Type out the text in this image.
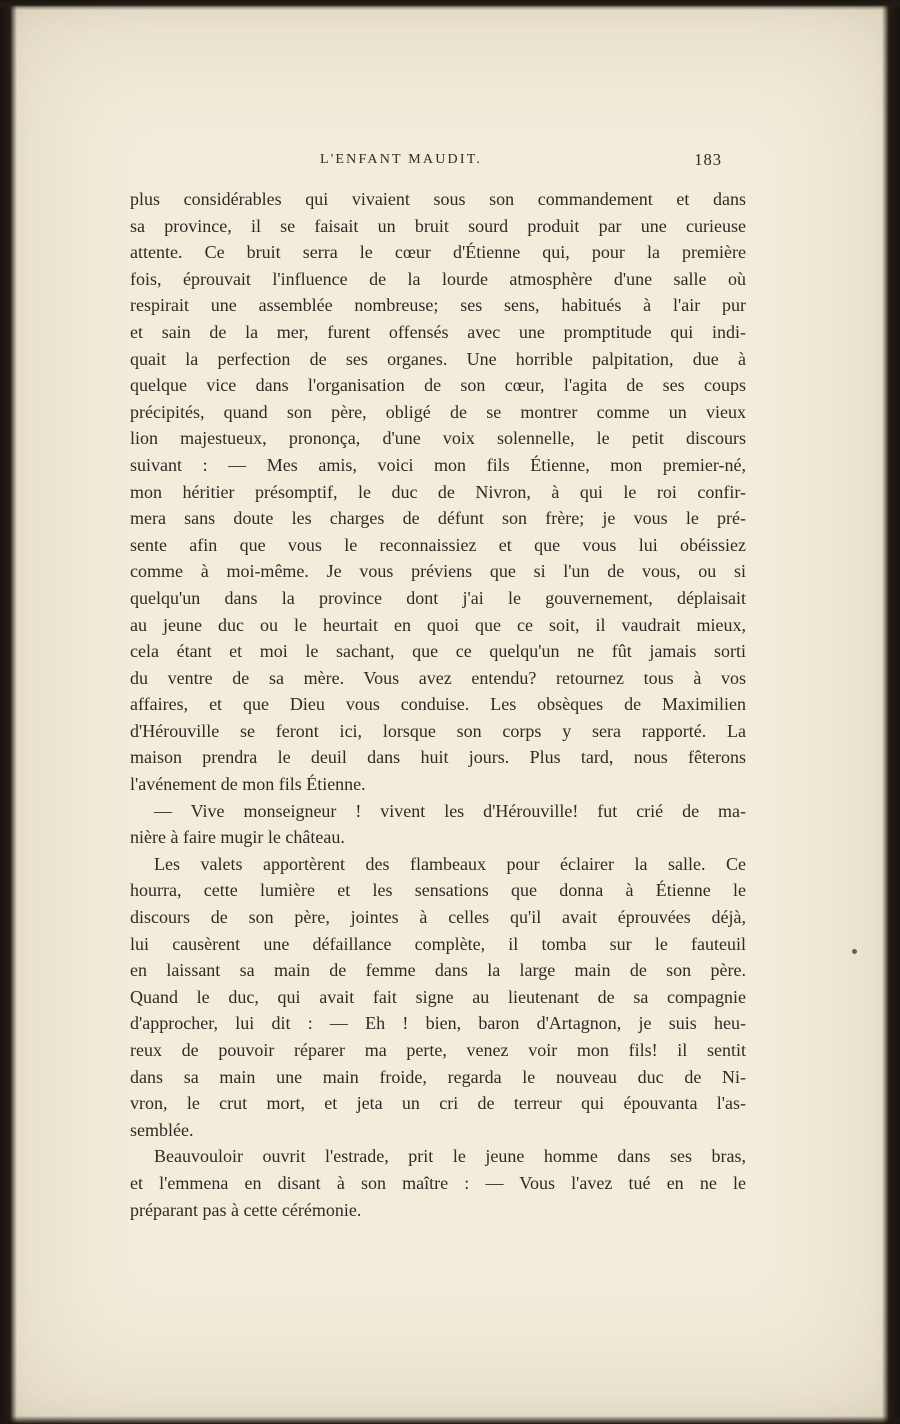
L'ENFANT MAUDIT.	183
plus considérables qui vivaient sous son commandement et dans
sa province, il se faisait un bruit sourd produit par une curieuse
attente. Ce bruit serra le cœur d'Étienne qui, pour la première
fois, éprouvait l'influence de la lourde atmosphère d'une salle où
respirait une assemblée nombreuse; ses sens, habitués à l'air pur
et sain de la mer, furent offensés avec une promptitude qui indi-
quait la perfection de ses organes. Une horrible palpitation, due à
quelque vice dans l'organisation de son cœur, l'agita de ses coups
précipités, quand son père, obligé de se montrer comme un vieux
lion majestueux, prononça, d'une voix solennelle, le petit discours
suivant : — Mes amis, voici mon fils Étienne, mon premier-né,
mon héritier présomptif, le duc de Nivron, à qui le roi confir-
mera sans doute les charges de défunt son frère; je vous le pré-
sente afin que vous le reconnaissiez et que vous lui obéissiez
comme à moi-même. Je vous préviens que si l'un de vous, ou si
quelqu'un dans la province dont j'ai le gouvernement, déplaisait
au jeune duc ou le heurtait en quoi que ce soit, il vaudrait mieux,
cela étant et moi le sachant, que ce quelqu'un ne fût jamais sorti
du ventre de sa mère. Vous avez entendu? retournez tous à vos
affaires, et que Dieu vous conduise. Les obsèques de Maximilien
d'Hérouville se feront ici, lorsque son corps y sera rapporté. La
maison prendra le deuil dans huit jours. Plus tard, nous fêterons
l'avénement de mon fils Étienne.
— Vive monseigneur ! vivent les d'Hérouville! fut crié de ma-
nière à faire mugir le château.
Les valets apportèrent des flambeaux pour éclairer la salle. Ce
hourra, cette lumière et les sensations que donna à Étienne le
discours de son père, jointes à celles qu'il avait éprouvées déjà,
lui causèrent une défaillance complète, il tomba sur le fauteuil
en laissant sa main de femme dans la large main de son père.
Quand le duc, qui avait fait signe au lieutenant de sa compagnie
d'approcher, lui dit : — Eh ! bien, baron d'Artagnon, je suis heu-
reux de pouvoir réparer ma perte, venez voir mon fils! il sentit
dans sa main une main froide, regarda le nouveau duc de Ni-
vron, le crut mort, et jeta un cri de terreur qui épouvanta l'as-
semblée.
Beauvouloir ouvrit l'estrade, prit le jeune homme dans ses bras,
et l'emmena en disant à son maître : — Vous l'avez tué en ne le
préparant pas à cette cérémonie.
